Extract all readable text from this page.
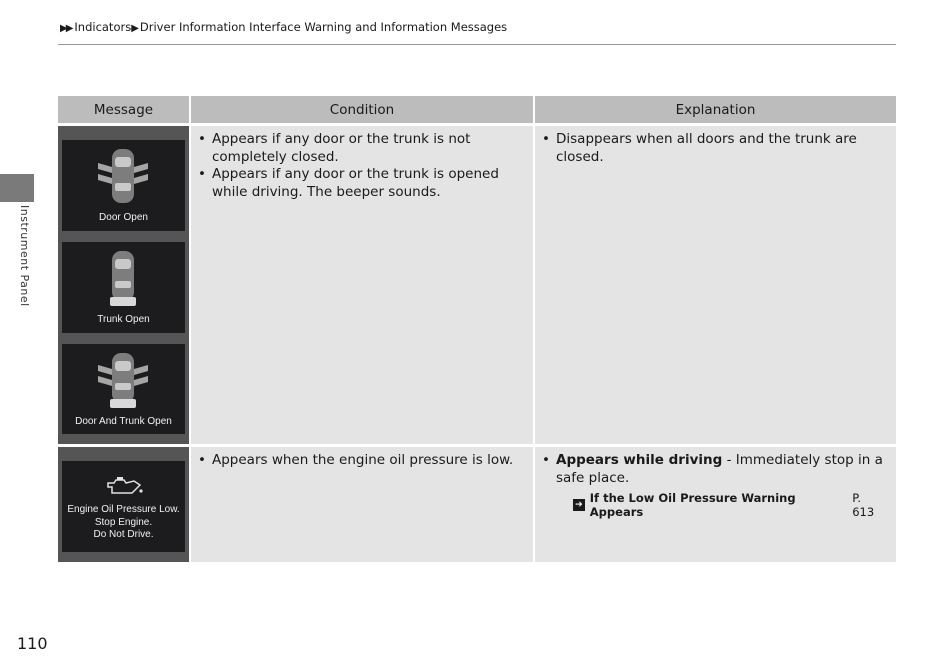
▶▶ Indicators▶Driver Information Interface Warning and Information Messages
Instrument Panel
Message	Condition	Explanation
Door Open
Trunk Open
Door And Trunk Open
• Appears if any door or the trunk is not completely closed.
• Appears if any door or the trunk is opened while driving. The beeper sounds.
• Disappears when all doors and the trunk are closed.
Engine Oil Pressure Low.
Stop Engine.
Do Not Drive.
• Appears when the engine oil pressure is low.
•	Appears while driving - Immediately stop in a safe place.
➔ If the Low Oil Pressure Warning Appears
P. 613
110
